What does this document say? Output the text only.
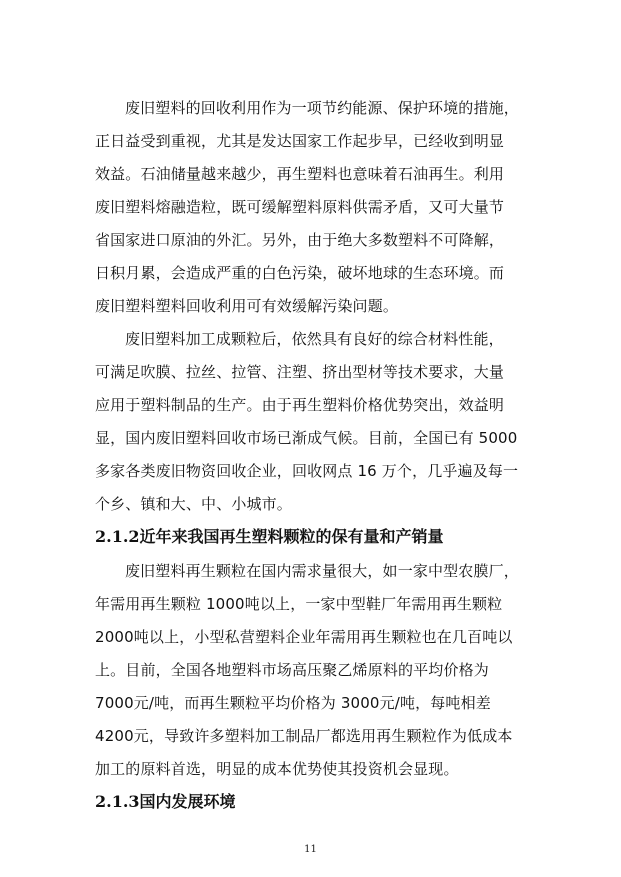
废旧塑料的回收利用作为一项节约能源、保护环境的措施，
正日益受到重视，尤其是发达国家工作起步早，已经收到明显
效益。石油储量越来越少，再生塑料也意味着石油再生。利用
废旧塑料熔融造粒，既可缓解塑料原料供需矛盾，又可大量节
省国家进口原油的外汇。另外，由于绝大多数塑料不可降解，
日积月累，会造成严重的白色污染，破坏地球的生态环境。而
废旧塑料塑料回收利用可有效缓解污染问题。
废旧塑料加工成颗粒后，依然具有良好的综合材料性能，
可满足吹膜、拉丝、拉管、注塑、挤出型材等技术要求，大量
应用于塑料制品的生产。由于再生塑料价格优势突出，效益明
显，国内废旧塑料回收市场已渐成气候。目前，全国已有 5000
多家各类废旧物资回收企业，回收网点 16 万个，几乎遍及每一
个乡、镇和大、中、小城市。
2.1.2近年来我国再生塑料颗粒的保有量和产销量
废旧塑料再生颗粒在国内需求量很大，如一家中型农膜厂，
年需用再生颗粒 1000吨以上，一家中型鞋厂年需用再生颗粒
2000吨以上，小型私营塑料企业年需用再生颗粒也在几百吨以
上。目前，全国各地塑料市场高压聚乙烯原料的平均价格为
7000元/吨，而再生颗粒平均价格为 3000元/吨，每吨相差
4200元，导致许多塑料加工制品厂都选用再生颗粒作为低成本
加工的原料首选，明显的成本优势使其投资机会显现。
2.1.3国内发展环境
11
